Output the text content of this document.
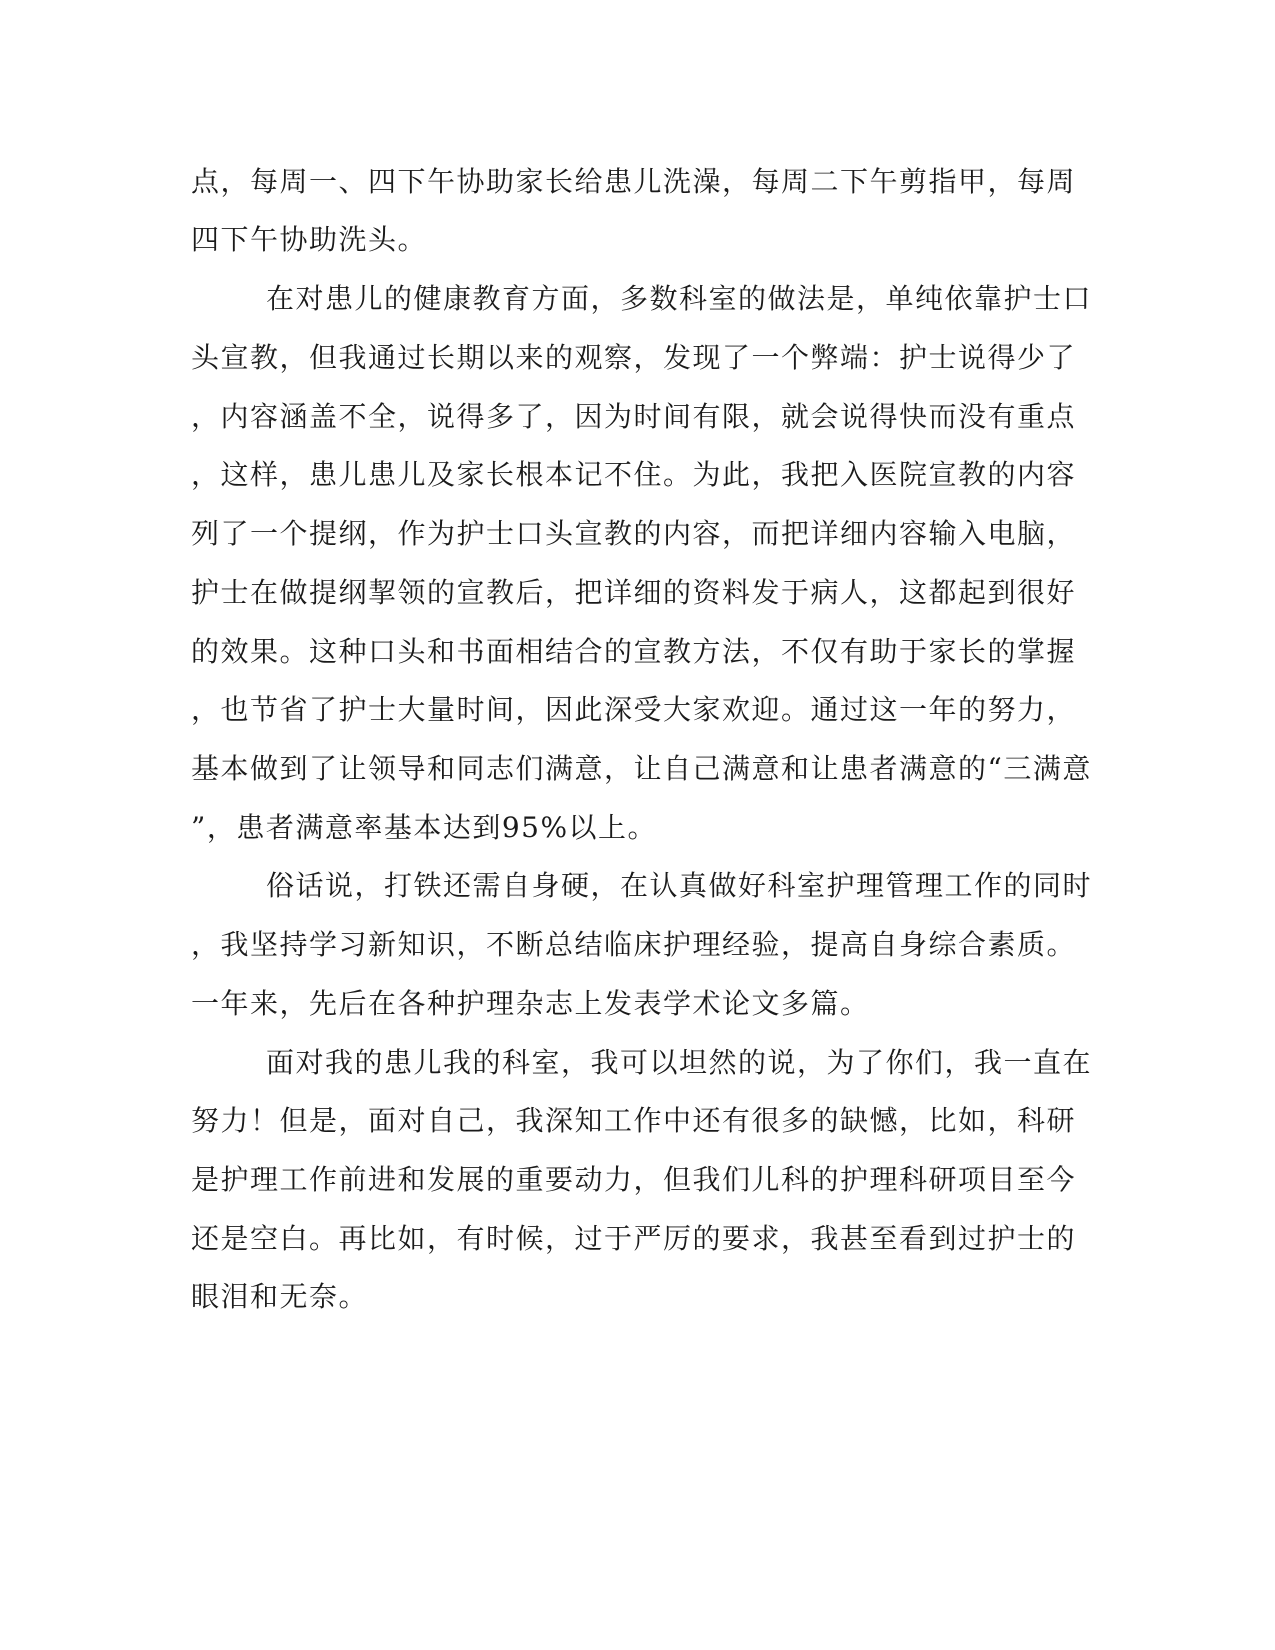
点，每周一、四下午协助家长给患儿洗澡，每周二下午剪指甲，每周
四下午协助洗头。
在对患儿的健康教育方面，多数科室的做法是，单纯依靠护士口
头宣教，但我通过长期以来的观察，发现了一个弊端：护士说得少了
，内容涵盖不全，说得多了，因为时间有限，就会说得快而没有重点
，这样，患儿患儿及家长根本记不住。为此，我把入医院宣教的内容
列了一个提纲，作为护士口头宣教的内容，而把详细内容输入电脑，
护士在做提纲挈领的宣教后，把详细的资料发于病人，这都起到很好
的效果。这种口头和书面相结合的宣教方法，不仅有助于家长的掌握
，也节省了护士大量时间，因此深受大家欢迎。通过这一年的努力，
基本做到了让领导和同志们满意，让自己满意和让患者满意的“三满意
”，患者满意率基本达到95%以上。
俗话说，打铁还需自身硬，在认真做好科室护理管理工作的同时
，我坚持学习新知识，不断总结临床护理经验，提高自身综合素质。
一年来，先后在各种护理杂志上发表学术论文多篇。
面对我的患儿我的科室，我可以坦然的说，为了你们，我一直在
努力！但是，面对自己，我深知工作中还有很多的缺憾，比如，科研
是护理工作前进和发展的重要动力，但我们儿科的护理科研项目至今
还是空白。再比如，有时候，过于严厉的要求，我甚至看到过护士的
眼泪和无奈。
